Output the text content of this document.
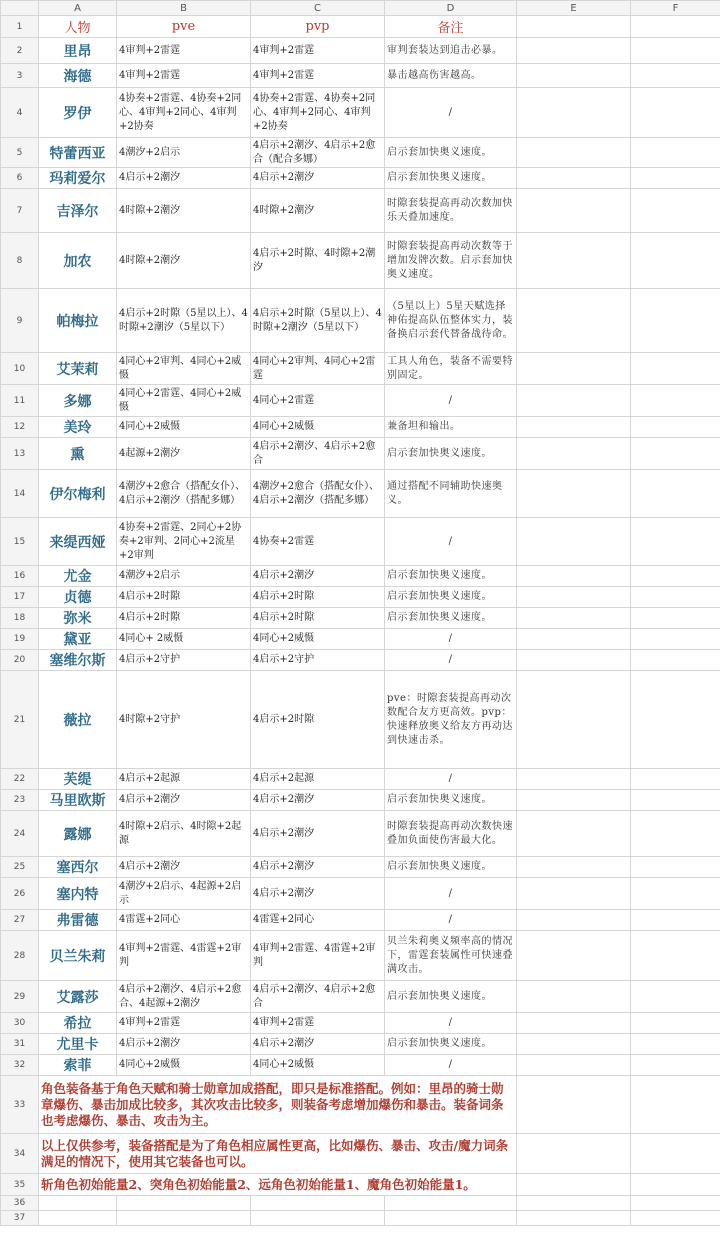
	A	B	C	D	E	F
1	人物	pve	pvp	备注		
2	里昂	4审判+2雷霆	4审判+2雷霆	审判套装达到追击必暴。		
3	海德	4审判+2雷霆	4审判+2雷霆	暴击越高伤害越高。		
4	罗伊	4协奏+2雷霆、4协奏+2同心、4审判+2同心、4审判+2协奏	4协奏+2雷霆、4协奏+2同心、4审判+2同心、4审判+2协奏	/		
5	特蕾西亚	4潮汐+2启示	4启示+2潮汐、4启示+2愈合（配合多娜）	启示套加快奥义速度。		
6	玛莉爱尔	4启示+2潮汐	4启示+2潮汐	启示套加快奥义速度。		
7	吉泽尔	4时隙+2潮汐	4时隙+2潮汐	时隙套装提高再动次数加快乐天叠加速度。		
8	加农	4时隙+2潮汐	4启示+2时隙、4时隙+2潮汐	时隙套装提高再动次数等于增加发牌次数。启示套加快奥义速度。		
9	帕梅拉	4启示+2时隙（5星以上）、4时隙+2潮汐（5星以下）	4启示+2时隙（5星以上）、4时隙+2潮汐（5星以下）	（5星以上）5星天赋选择神佑提高队伍整体实力，装备换启示套代替备战待命。		
10	艾茉莉	4同心+2审判、4同心+2威慑	4同心+2审判、4同心+2雷霆	工具人角色，装备不需要特别固定。		
11	多娜	4同心+2雷霆、4同心+2威慑	4同心+2雷霆	/		
12	美玲	4同心+2威慑	4同心+2威慑	兼备坦和输出。		
13	熏	4起源+2潮汐	4启示+2潮汐、4启示+2愈合	启示套加快奥义速度。		
14	伊尔梅利	4潮汐+2愈合（搭配女仆）、4启示+2潮汐（搭配多娜）	4潮汐+2愈合（搭配女仆）、4启示+2潮汐（搭配多娜）	通过搭配不同辅助快速奥义。		
15	来缇西娅	4协奏+2雷霆、2同心+2协奏+2审判、2同心+2流星+2审判	4协奏+2雷霆	/		
16	尤金	4潮汐+2启示	4启示+2潮汐	启示套加快奥义速度。		
17	贞德	4启示+2时隙	4启示+2时隙	启示套加快奥义速度。		
18	弥米	4启示+2时隙	4启示+2时隙	启示套加快奥义速度。		
19	黛亚	4同心+ 2威慑	4同心+2威慑	/		
20	塞维尔斯	4启示+2守护	4启示+2守护	/		
21	薇拉	4时隙+2守护	4启示+2时隙	pve：时隙套装提高再动次数配合友方更高效。pvp：快速释放奥义给友方再动达到快速击杀。		
22	芙缇	4启示+2起源	4启示+2起源	/		
23	马里欧斯	4启示+2潮汐	4启示+2潮汐	启示套加快奥义速度。		
24	露娜	4时隙+2启示、4时隙+2起源	4启示+2潮汐	时隙套装提高再动次数快速叠加负面使伤害最大化。		
25	塞西尔	4启示+2潮汐	4启示+2潮汐	启示套加快奥义速度。		
26	塞内特	4潮汐+2启示、4起源+2启示	4启示+2潮汐	/		
27	弗雷德	4雷霆+2同心	4雷霆+2同心	/		
28	贝兰朱莉	4审判+2雷霆、4雷霆+2审判	4审判+2雷霆、4雷霆+2审判	贝兰朱莉奥义频率高的情况下，雷霆套装属性可快速叠满攻击。		
29	艾露莎	4启示+2潮汐、4启示+2愈合、4起源+2潮汐	4启示+2潮汐、4启示+2愈合	启示套加快奥义速度。		
30	希拉	4审判+2雷霆	4审判+2雷霆	/		
31	尤里卡	4启示+2潮汐	4启示+2潮汐	启示套加快奥义速度。		
32	索菲	4同心+2威慑	4同心+2威慑	/		
33	角色装备基于角色天赋和骑士勋章加成搭配，即只是标准搭配。例如：里昂的骑士勋章爆伤、暴击加成比较多，其次攻击比较多，则装备考虑增加爆伤和暴击。装备词条也考虑爆伤、暴击、攻击为主。					
34	以上仅供参考，装备搭配是为了角色相应属性更高，比如爆伤、暴击、攻击/魔力词条满足的情况下，使用其它装备也可以。					
35	斩角色初始能量2、突角色初始能量2、远角色初始能量1、魔角色初始能量1。					
36						
37						
